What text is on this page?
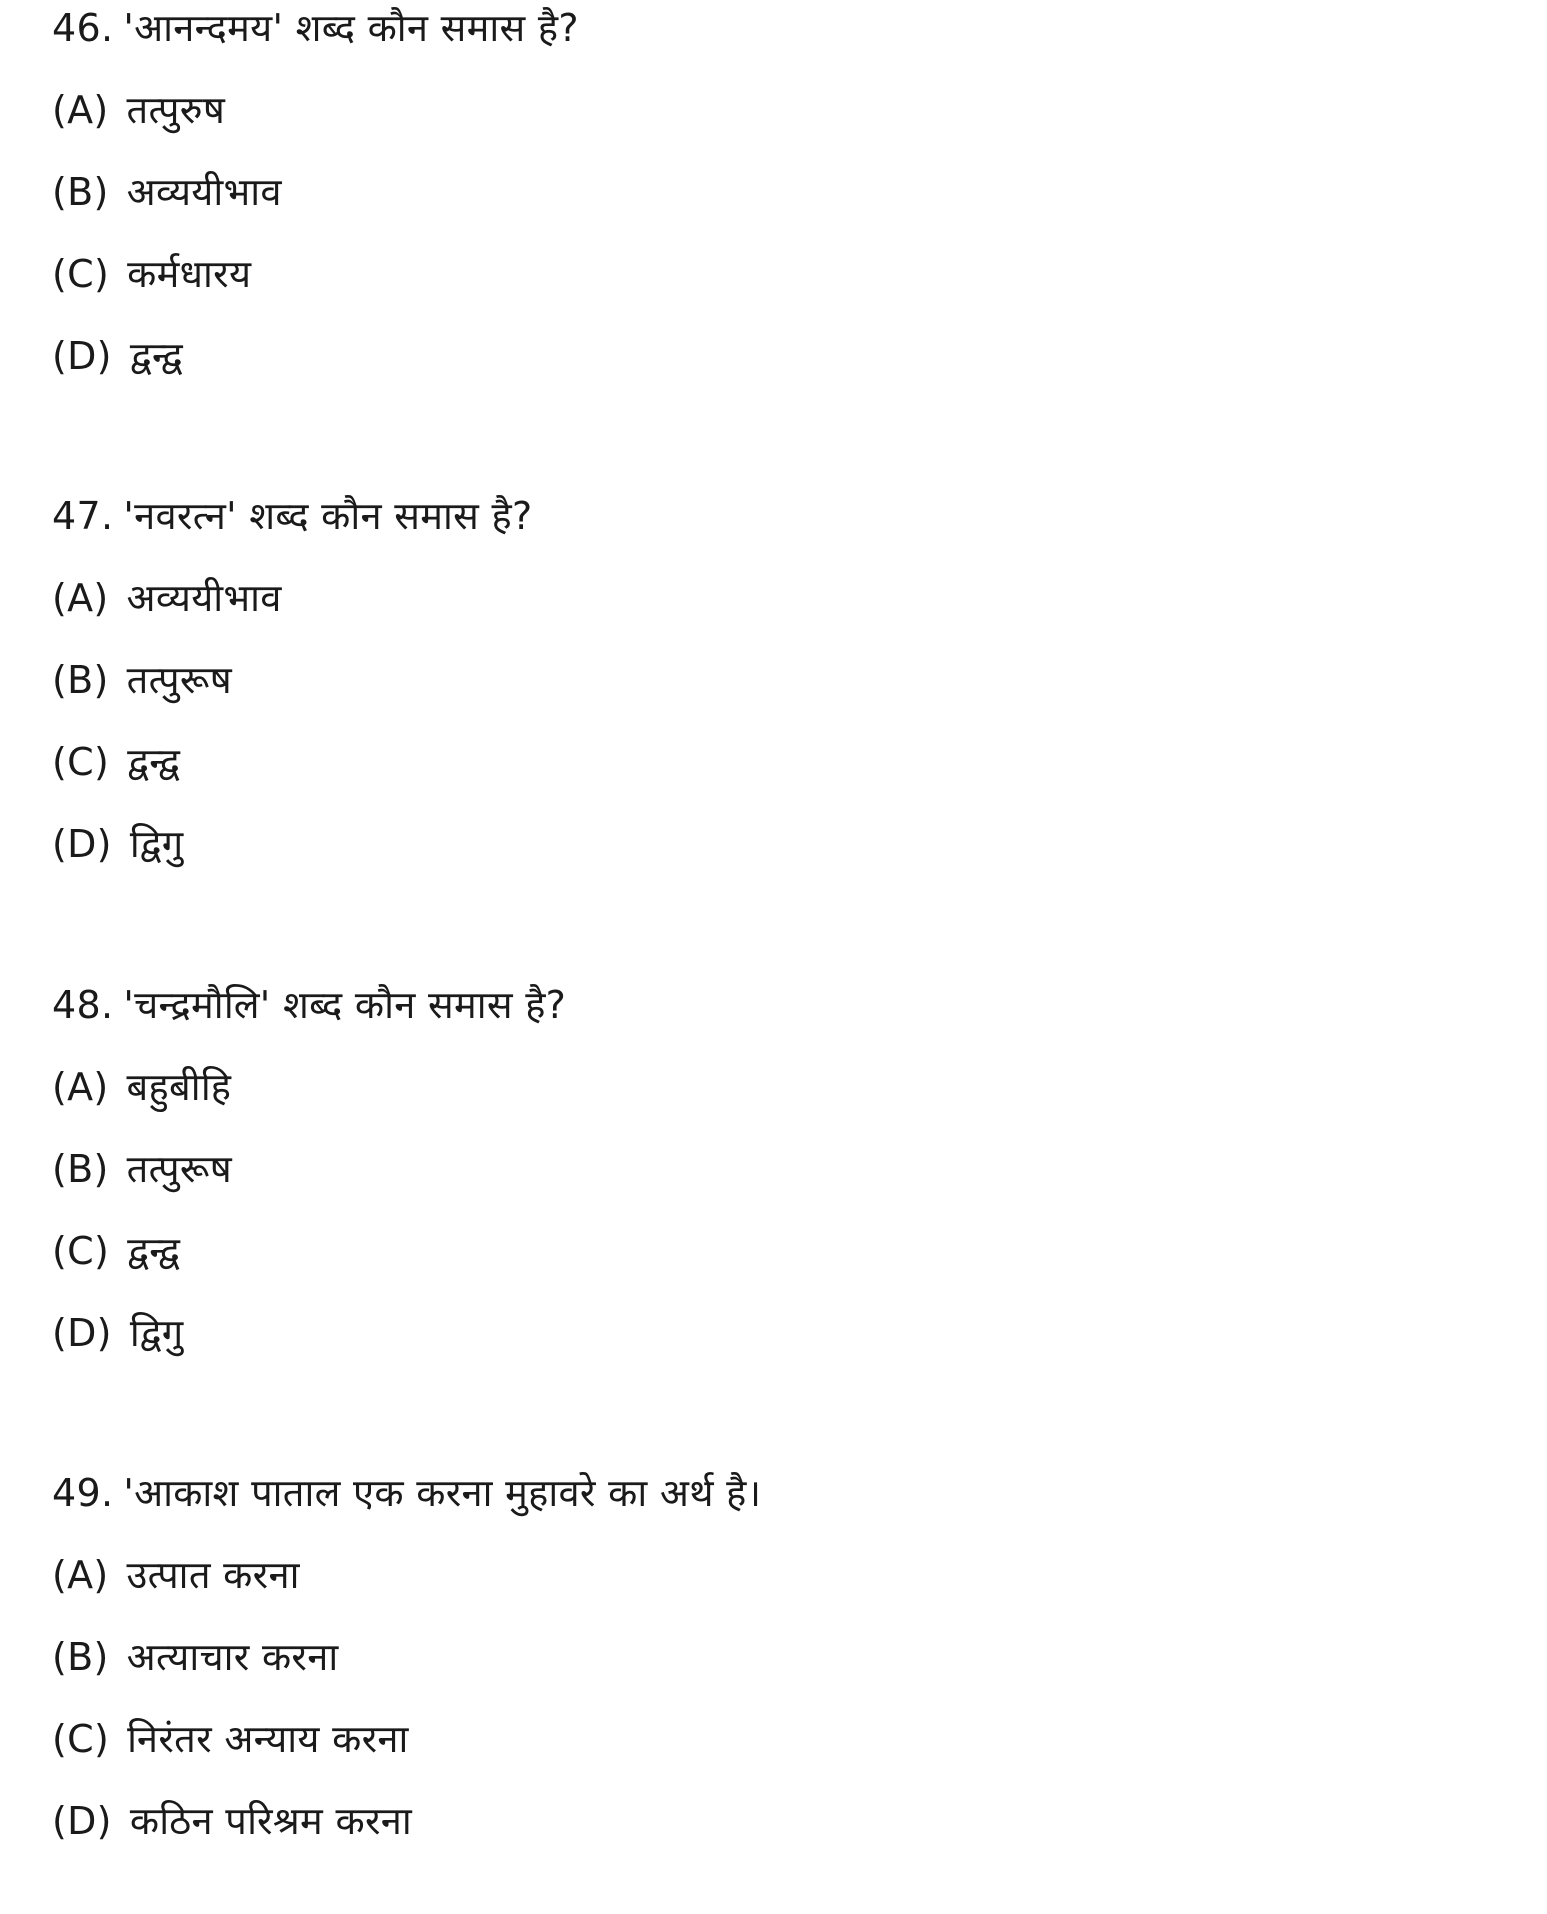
46. 'आनन्दमय' शब्द कौन समास है?
(A) तत्पुरुष
(B) अव्ययीभाव
(C) कर्मधारय
(D) द्वन्द्व
47. 'नवरत्न' शब्द कौन समास है?
(A) अव्ययीभाव
(B) तत्पुरूष
(C) द्वन्द्व
(D) द्विगु
48. 'चन्द्रमौलि' शब्द कौन समास है?
(A) बहुबीहि
(B) तत्पुरूष
(C) द्वन्द्व
(D) द्विगु
49. 'आकाश पाताल एक करना मुहावरे का अर्थ है।
(A) उत्पात करना
(B) अत्याचार करना
(C) निरंतर अन्याय करना
(D) कठिन परिश्रम करना
